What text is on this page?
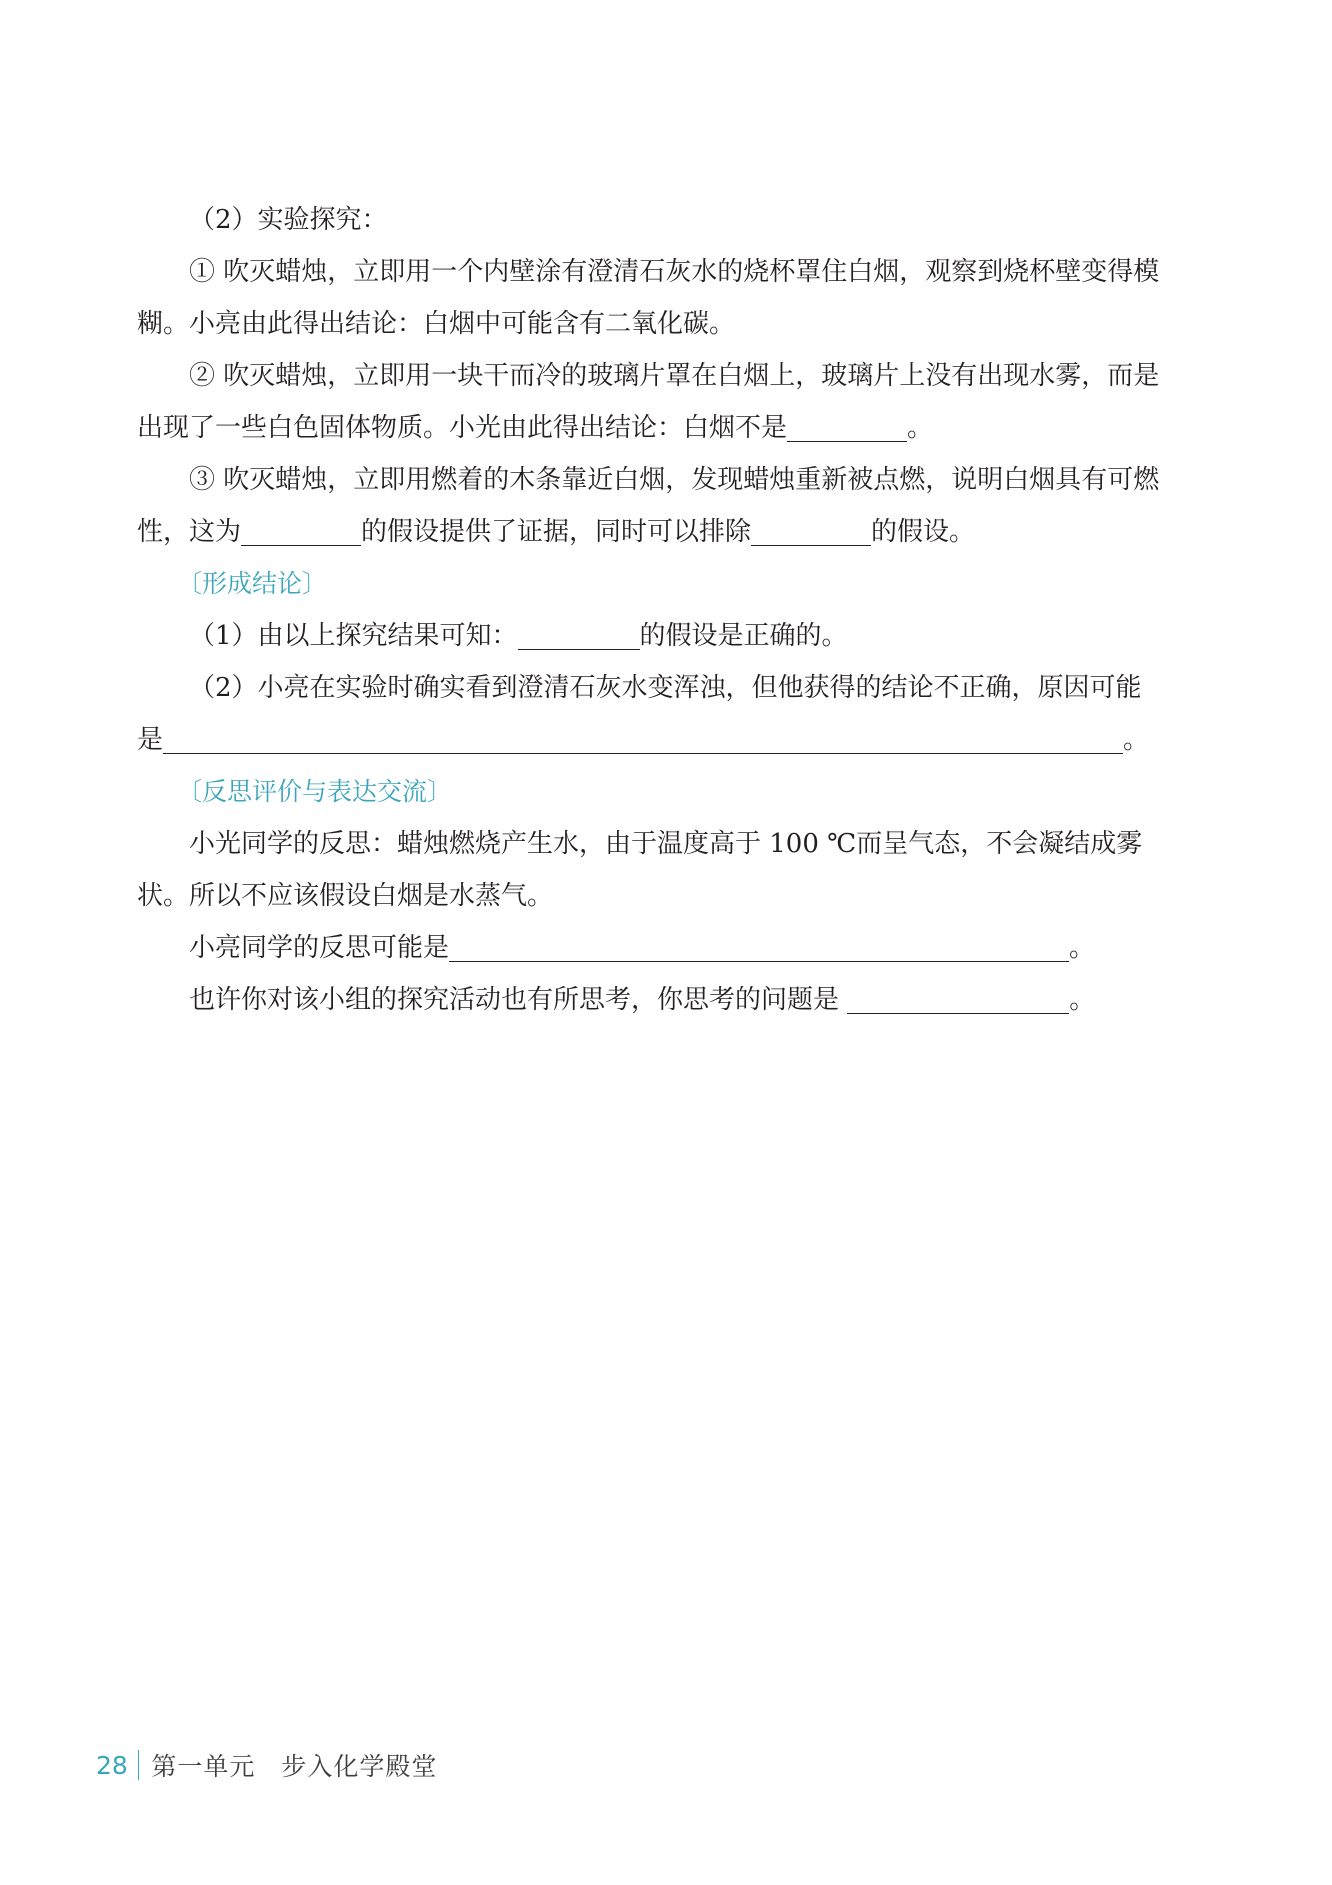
（2）实验探究：

① 吹灭蜡烛，立即用一个内壁涂有澄清石灰水的烧杯罩住白烟，观察到烧杯壁变得模糊。小亮由此得出结论：白烟中可能含有二氧化碳。

② 吹灭蜡烛，立即用一块干而冷的玻璃片罩在白烟上，玻璃片上没有出现水雾，而是出现了一些白色固体物质。小光由此得出结论：白烟不是	。

③ 吹灭蜡烛，立即用燃着的木条靠近白烟，发现蜡烛重新被点燃，说明白烟具有可燃性，这为	的假设提供了证据，同时可以排除	的假设。

〔形成结论〕

（1）由以上探究结果可知：	的假设是正确的。

（2）小亮在实验时确实看到澄清石灰水变浑浊，但他获得的结论不正确，原因可能是	。

〔反思评价与表达交流〕

小光同学的反思：蜡烛燃烧产生水，由于温度高于 100 ℃而呈气态，不会凝结成雾状。所以不应该假设白烟是水蒸气。

小亮同学的反思可能是	。

也许你对该小组的探究活动也有所思考，你思考的问题是	。

28 第一单元　步入化学殿堂
